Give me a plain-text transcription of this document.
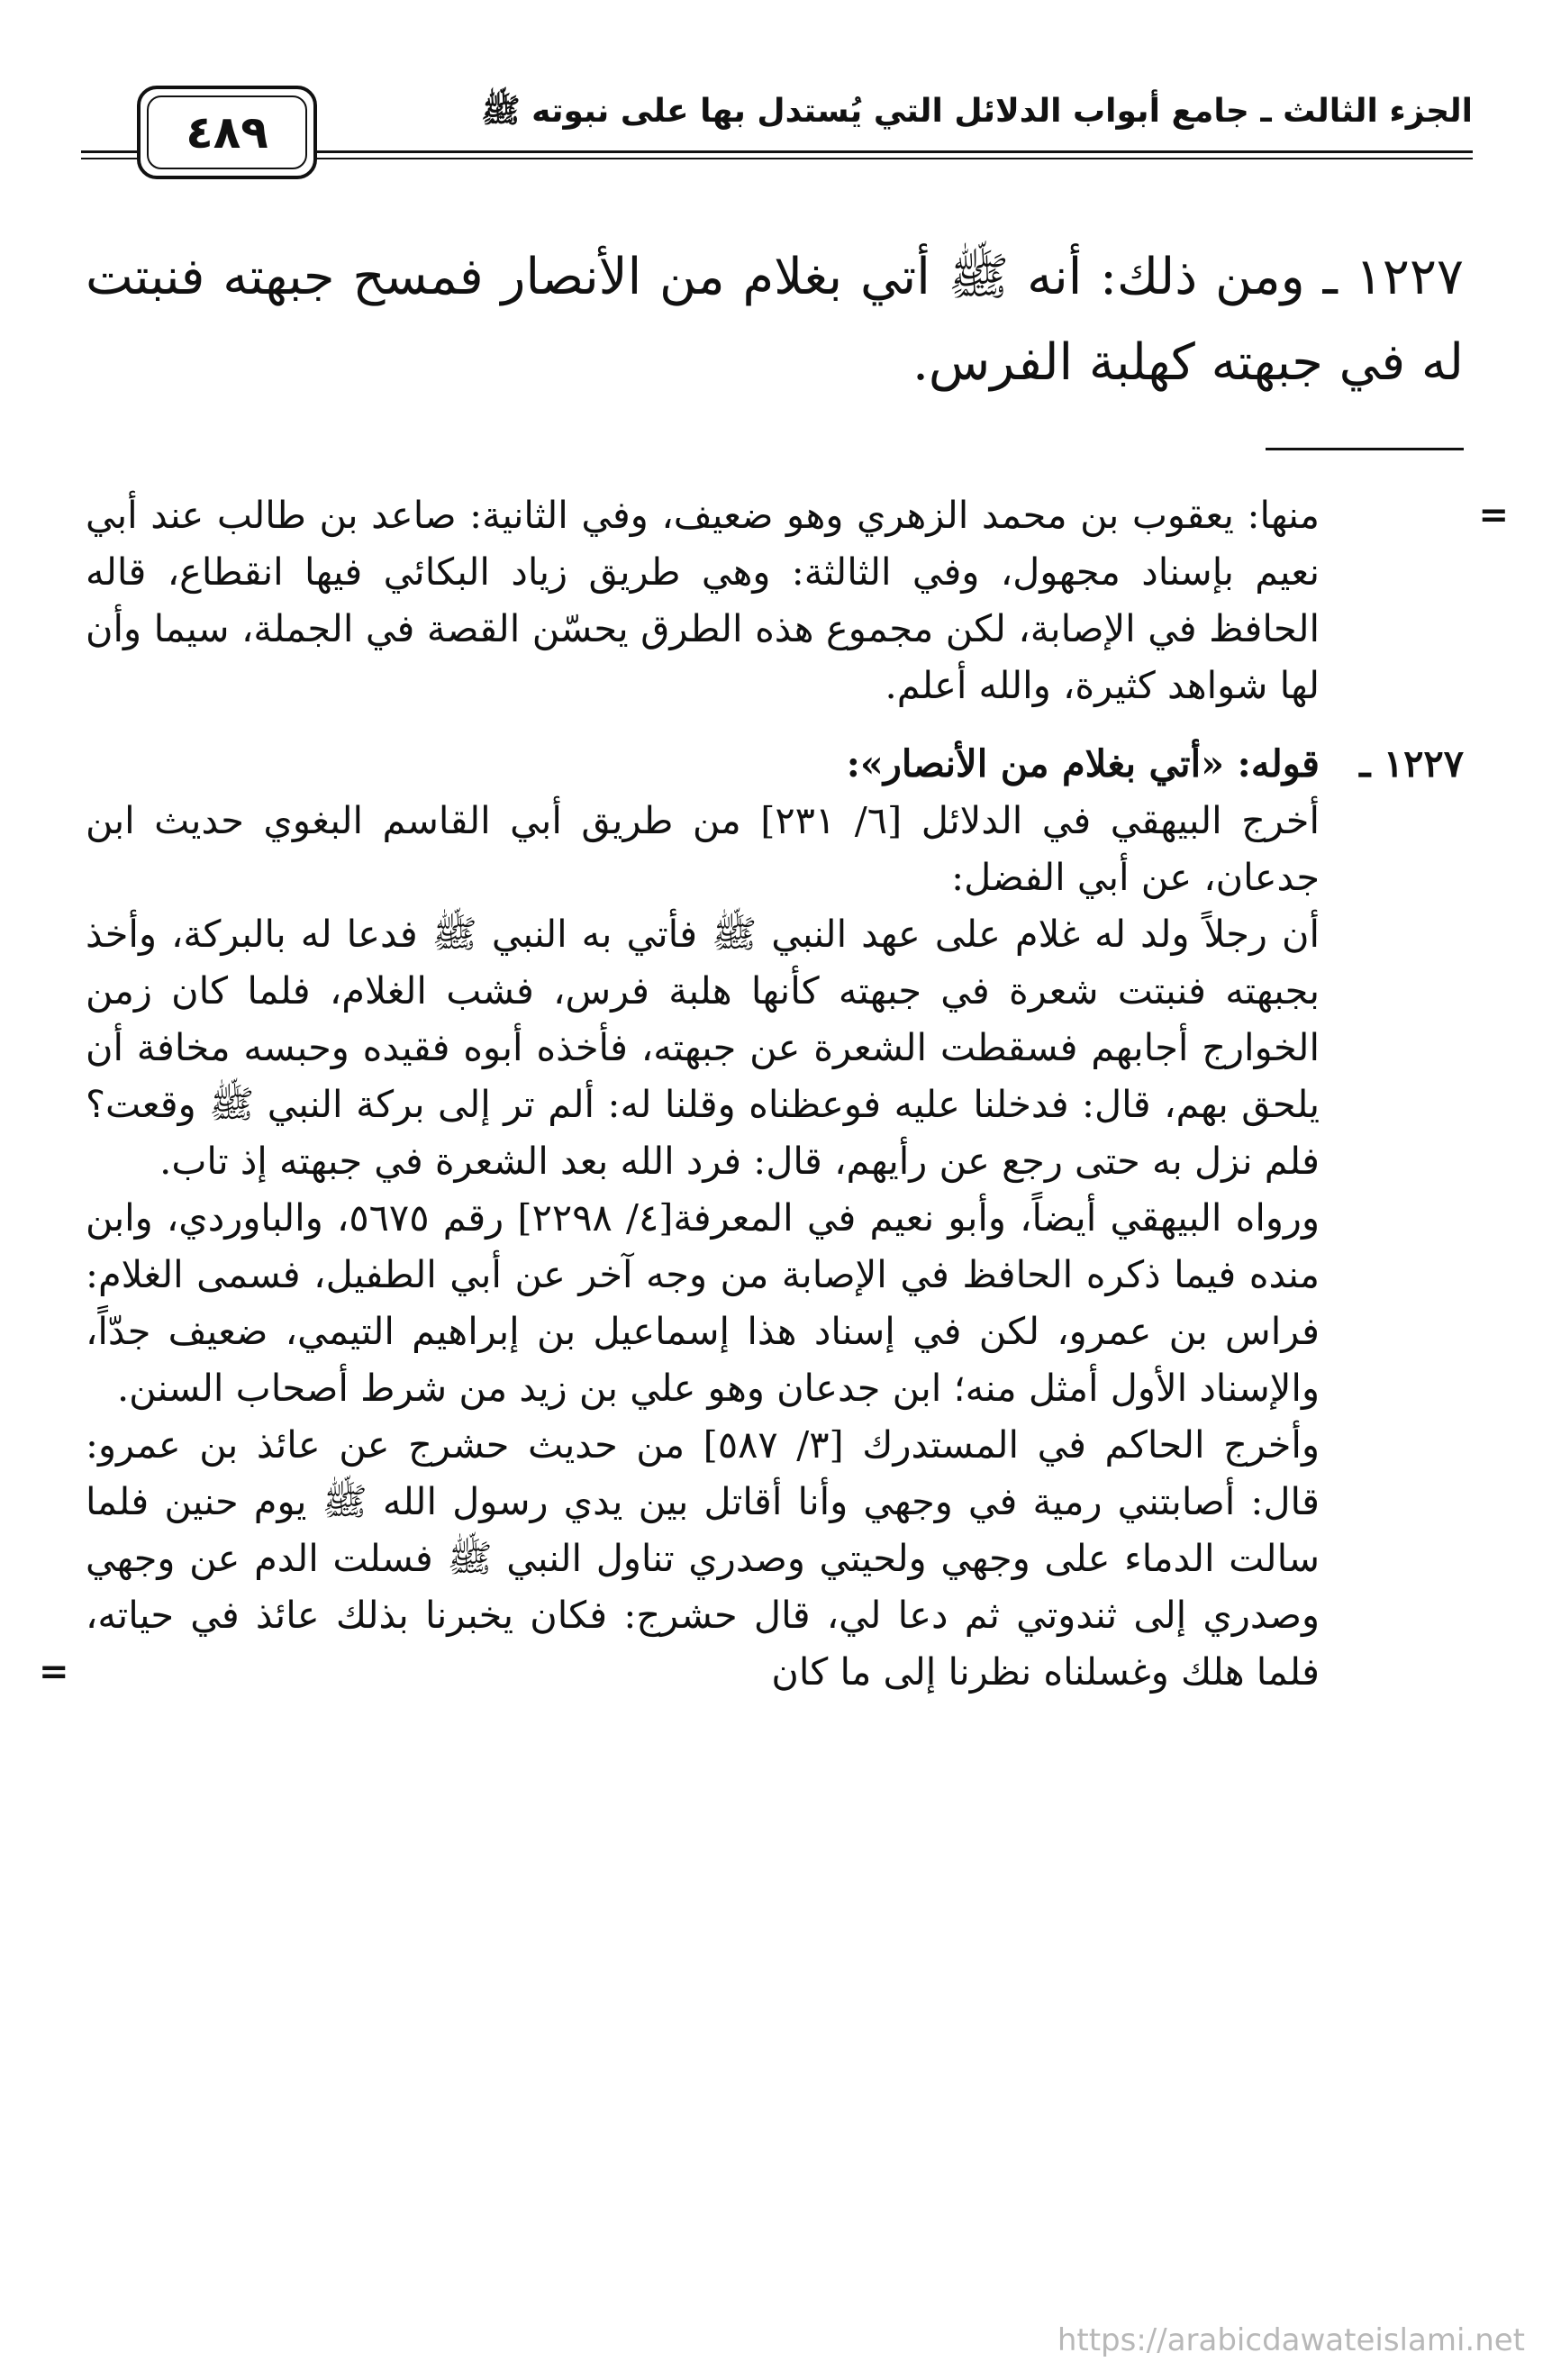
الجزء الثالث ـ جامع أبواب الدلائل التي يُستدل بها على نبوته ﷺ
٤٨٩
١٢٢٧ ـ ومن ذلك: أنه ﷺ أتي بغلام من الأنصار فمسح جبهته فنبتت له في جبهته كهلبة الفرس.
=

منها: يعقوب بن محمد الزهري وهو ضعيف، وفي الثانية: صاعد بن طالب عند أبي نعيم بإسناد مجهول، وفي الثالثة: وهي طريق زياد البكائي فيها انقطاع، قاله الحافظ في الإصابة، لكن مجموع هذه الطرق يحسّن القصة في الجملة، سيما وأن لها شواهد كثيرة، والله أعلم.

١٢٢٧ ـ

قوله: «أتي بغلام من الأنصار»:

أخرج البيهقي في الدلائل [٦/ ٢٣١] من طريق أبي القاسم البغوي حديث ابن جدعان، عن أبي الفضل:

أن رجلاً ولد له غلام على عهد النبي ﷺ فأتي به النبي ﷺ فدعا له بالبركة، وأخذ بجبهته فنبتت شعرة في جبهته كأنها هلبة فرس، فشب الغلام، فلما كان زمن الخوارج أجابهم فسقطت الشعرة عن جبهته، فأخذه أبوه فقيده وحبسه مخافة أن يلحق بهم، قال: فدخلنا عليه فوعظناه وقلنا له: ألم تر إلى بركة النبي ﷺ وقعت؟ فلم نزل به حتى رجع عن رأيهم، قال: فرد الله بعد الشعرة في جبهته إذ تاب.

ورواه البيهقي أيضاً، وأبو نعيم في المعرفة[٤/ ٢٢٩٨] رقم ٥٦٧٥، والباوردي، وابن منده فيما ذكره الحافظ في الإصابة من وجه آخر عن أبي الطفيل، فسمى الغلام: فراس بن عمرو، لكن في إسناد هذا إسماعيل بن إبراهيم التيمي، ضعيف جدّاً، والإسناد الأول أمثل منه؛ ابن جدعان وهو علي بن زيد من شرط أصحاب السنن.

وأخرج الحاكم في المستدرك [٣/ ٥٨٧] من حديث حشرج عن عائذ بن عمرو: قال: أصابتني رمية في وجهي وأنا أقاتل بين يدي رسول الله ﷺ يوم حنين فلما سالت الدماء على وجهي ولحيتي وصدري تناول النبي ﷺ فسلت الدم عن وجهي وصدري إلى ثندوتي ثم دعا لي، قال حشرج: فكان يخبرنا بذلك عائذ في حياته، فلما هلك وغسلناه نظرنا إلى ما كان

=
https://arabicdawateislami.net
